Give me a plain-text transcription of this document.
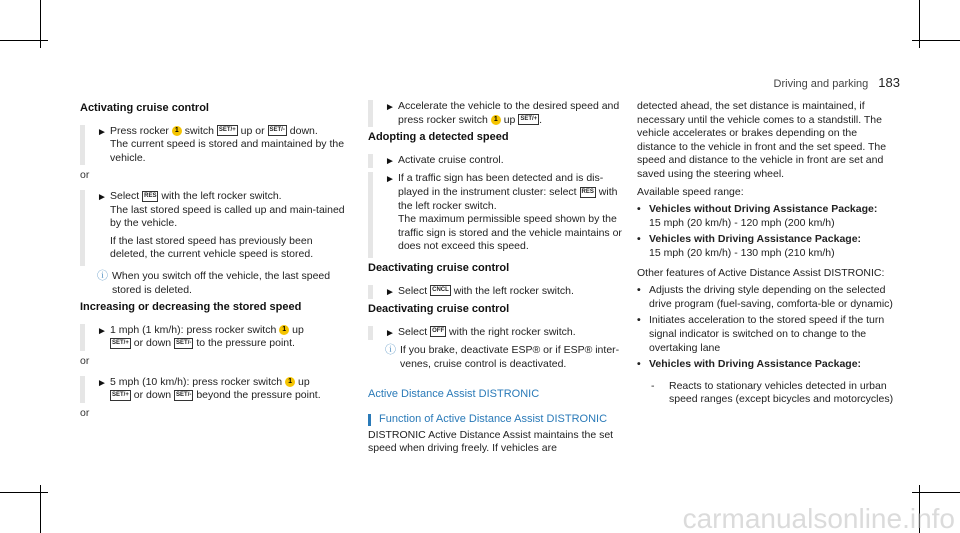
Driving and parking 183
Activating cruise control
► Press rocker 1 switch SET/+ up or SET/- down.
The current speed is stored and maintained by the vehicle.
or
► Select RES with the left rocker switch.

The last stored speed is called up and main-tained by the vehicle.

If the last stored speed has previously been deleted, the current vehicle speed is stored.

ⓘ When you switch off the vehicle, the last speed stored is deleted.
Increasing or decreasing the stored speed
► 1 mph (1 km/h): press rocker switch 1 up
SET/+ or down SET/- to the pressure point.
or
► 5 mph (10 km/h): press rocker switch 1 up
SET/+ or down SET/- beyond the pressure point.
or
► Accelerate the vehicle to the desired speed and press rocker switch 1 up SET/+ .
Adopting a detected speed
► Activate cruise control.
► If a traffic sign has been detected and is dis-played in the instrument cluster: select RES with the left rocker switch.

The maximum permissible speed shown by the traffic sign is stored and the vehicle maintains or does not exceed this speed.

Deactivating cruise control
► Select CNCL with the left rocker switch.
Deactivating cruise control
► Select OFF with the right rocker switch.
ⓘ If you brake, deactivate ESP® or if ESP® inter-venes, cruise control is deactivated.
Active Distance Assist DISTRONIC
Function of Active Distance Assist DISTRONIC

DISTRONIC Active Distance Assist maintains the set speed when driving freely. If vehicles are

detected ahead, the set distance is maintained, if necessary until the vehicle comes to a standstill. The vehicle accelerates or brakes depending on the distance to the vehicle in front and the set speed. The speed and distance to the vehicle in front are set and saved using the steering wheel.

Available speed range:

• Vehicles without Driving Assistance Package:
15 mph (20 km/h) - 120 mph (200 km/h)
• Vehicles with Driving Assistance Package:
15 mph (20 km/h) - 130 mph (210 km/h)

Other features of Active Distance Assist DISTRONIC:

• Adjusts the driving style depending on the selected drive program (fuel-saving, comforta-ble or dynamic)
• Initiates acceleration to the stored speed if the turn signal indicator is switched on to change to the overtaking lane
• Vehicles with Driving Assistance Package:
-	Reacts to stationary vehicles detected in urban speed ranges (except bicycles and motorcycles)
carmanualsonline.info
